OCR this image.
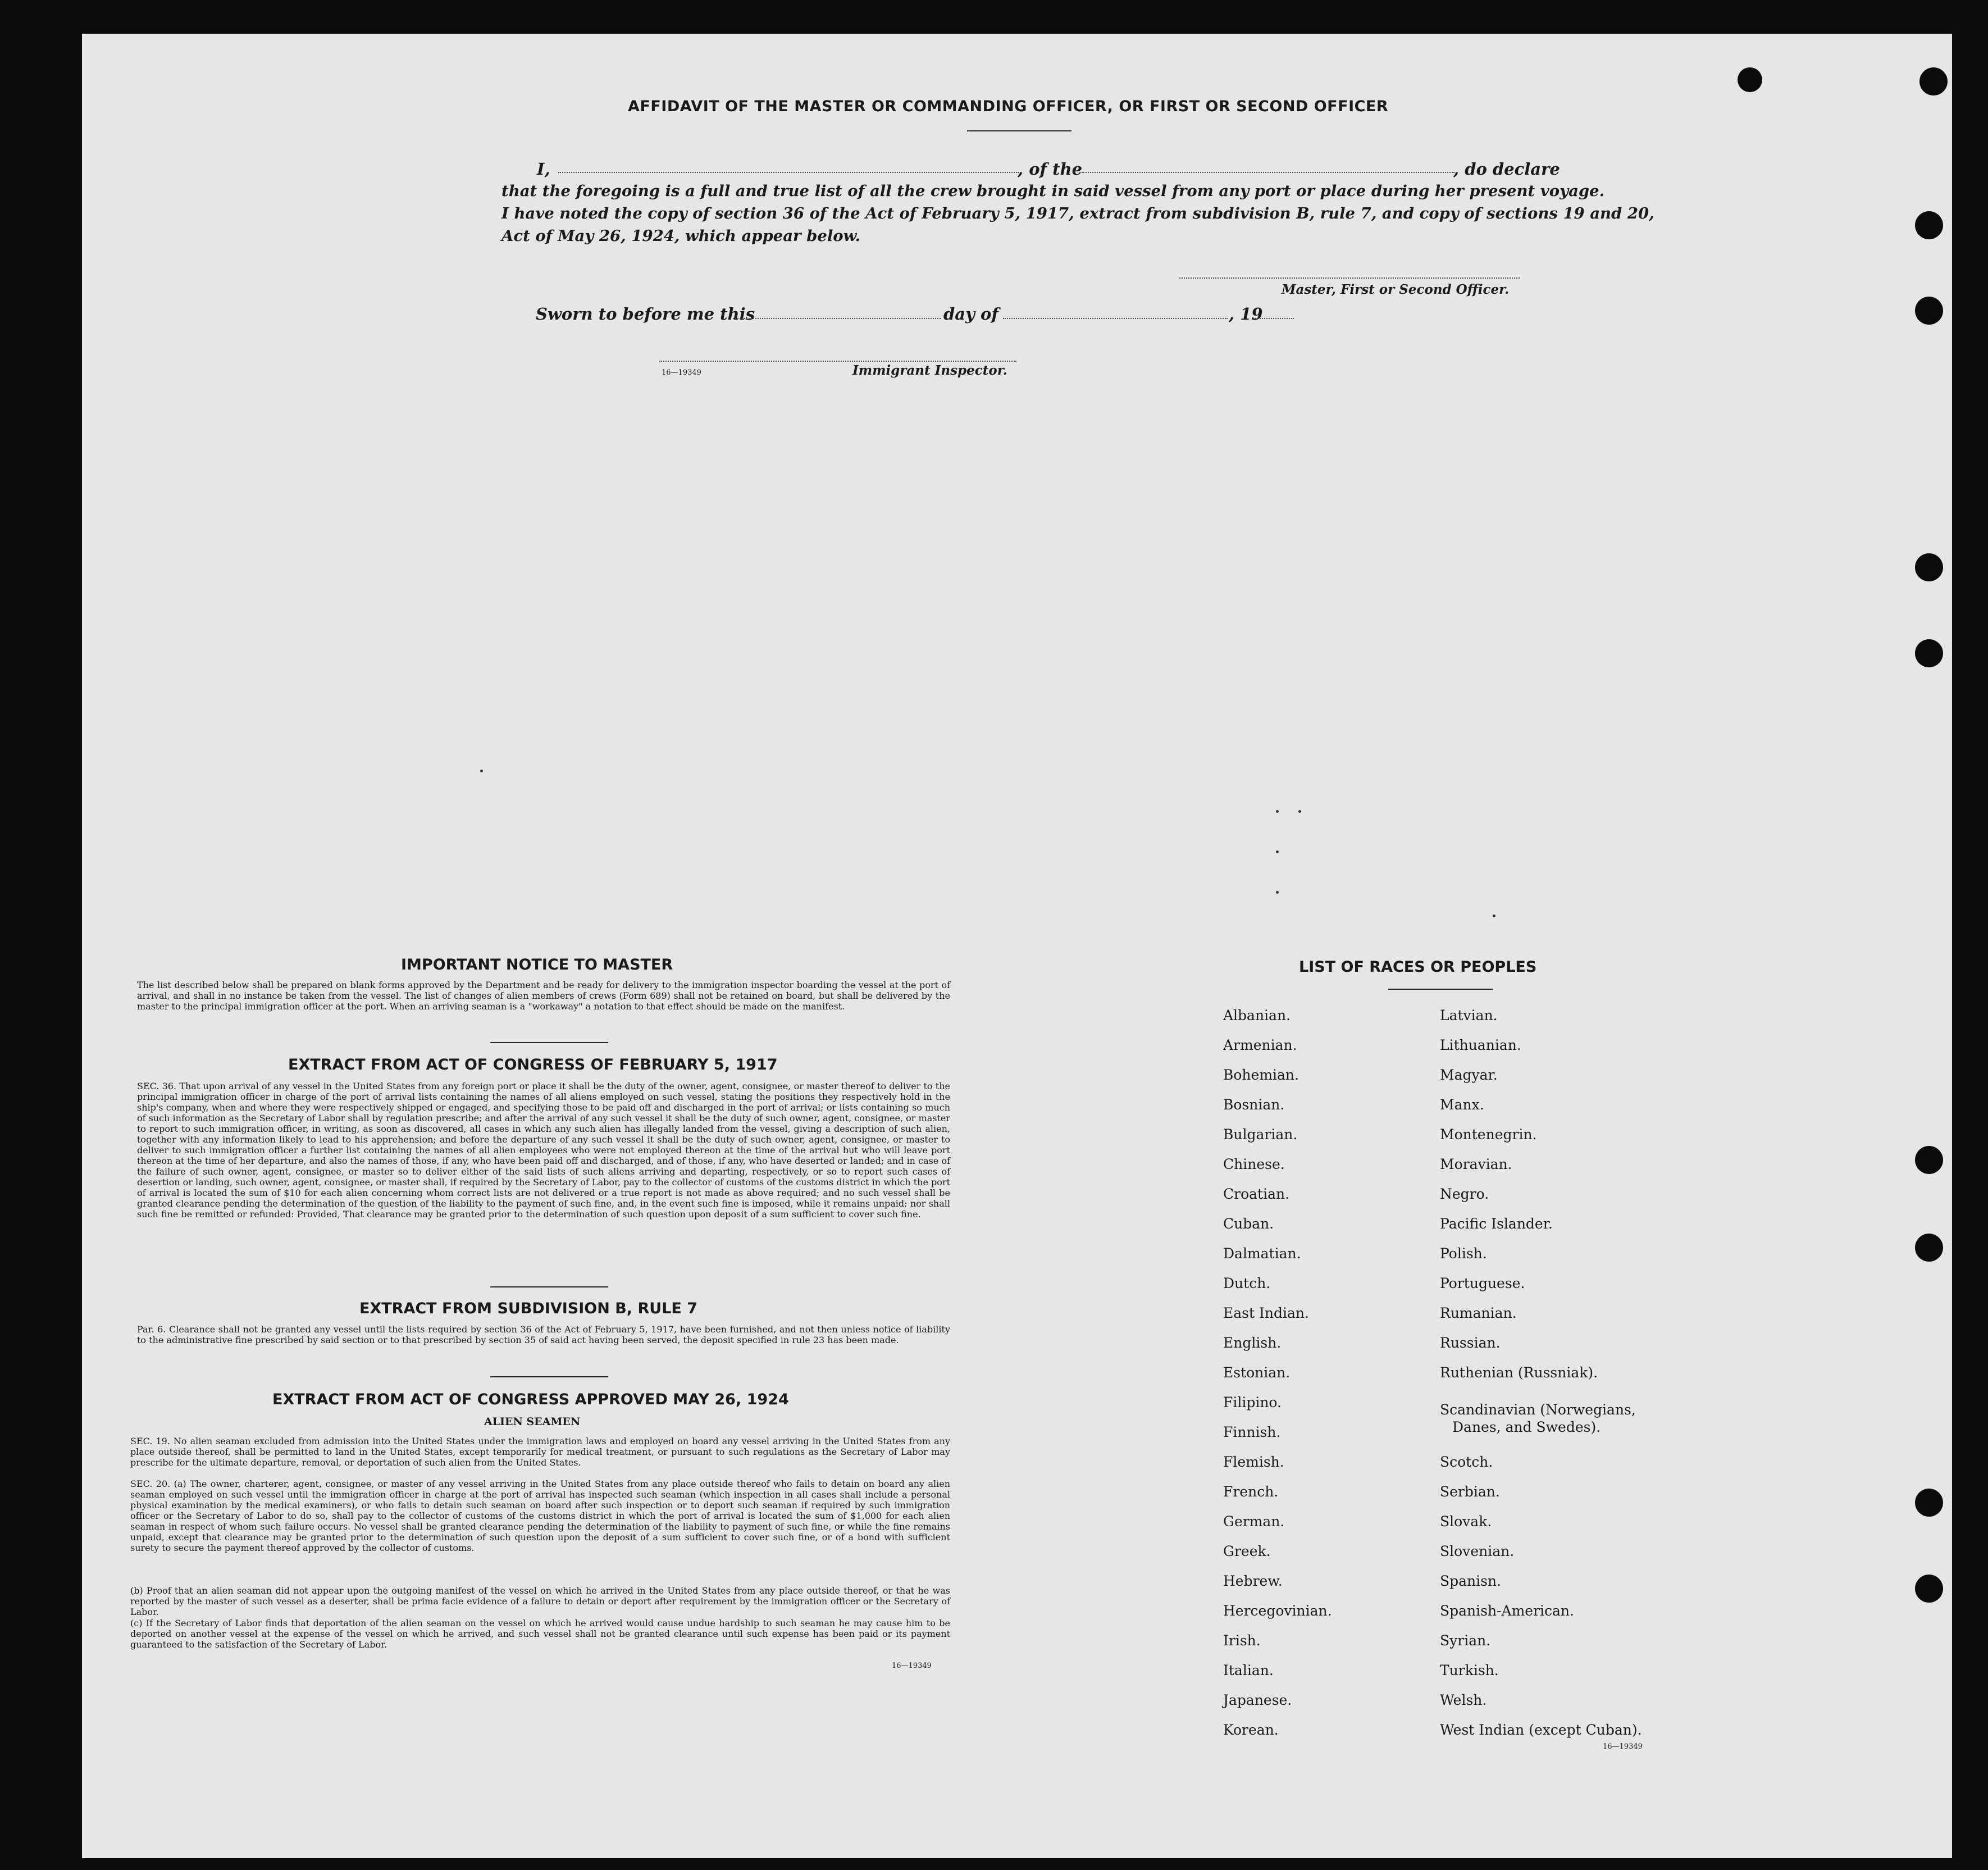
AFFIDAVIT OF THE MASTER OR COMMANDING OFFICER, OR FIRST OR SECOND OFFICER
I,	, of the	, do declare
that the foregoing is a full and true list of all the crew brought in said vessel from any port or place during her present voyage.
I have noted the copy of section 36 of the Act of February 5, 1917, extract from subdivision B, rule 7, and copy of sections 19 and 20,
Act of May 26, 1924, which appear below.
Master, First or Second Officer.
Sworn to before me this	day of	, 19
16—19349	Immigrant Inspector.
IMPORTANT NOTICE TO MASTER

The list described below shall be prepared on blank forms approved by the Department and be ready for delivery to the immigration inspector boarding the vessel at the port of arrival, and shall in no instance be taken from the vessel. The list of changes of alien members of crews (Form 689) shall not be retained on board, but shall be delivered by the master to the principal immigration officer at the port. When an arriving seaman is a "workaway" a notation to that effect should be made on the manifest.

EXTRACT FROM ACT OF CONGRESS OF FEBRUARY 5, 1917

SEC. 36. That upon arrival of any vessel in the United States from any foreign port or place it shall be the duty of the owner, agent, consignee, or master thereof to deliver to the principal immigration officer in charge of the port of arrival lists containing the names of all aliens employed on such vessel, stating the positions they respectively hold in the ship's company, when and where they were respectively shipped or engaged, and specifying those to be paid off and discharged in the port of arrival; or lists containing so much of such information as the Secretary of Labor shall by regulation prescribe; and after the arrival of any such vessel it shall be the duty of such owner, agent, consignee, or master to report to such immigration officer, in writing, as soon as discovered, all cases in which any such alien has illegally landed from the vessel, giving a description of such alien, together with any information likely to lead to his apprehension; and before the departure of any such vessel it shall be the duty of such owner, agent, consignee, or master to deliver to such immigration officer a further list containing the names of all alien employees who were not employed thereon at the time of the arrival but who will leave port thereon at the time of her departure, and also the names of those, if any, who have been paid off and discharged, and of those, if any, who have deserted or landed; and in case of the failure of such owner, agent, consignee, or master so to deliver either of the said lists of such aliens arriving and departing, respectively, or so to report such cases of desertion or landing, such owner, agent, consignee, or master shall, if required by the Secretary of Labor, pay to the collector of customs of the customs district in which the port of arrival is located the sum of $10 for each alien concerning whom correct lists are not delivered or a true report is not made as above required; and no such vessel shall be granted clearance pending the determination of the question of the liability to the payment of such fine, and, in the event such fine is imposed, while it remains unpaid; nor shall such fine be remitted or refunded: Provided, That clearance may be granted prior to the determination of such question upon deposit of a sum sufficient to cover such fine.

EXTRACT FROM SUBDIVISION B, RULE 7

Par. 6. Clearance shall not be granted any vessel until the lists required by section 36 of the Act of February 5, 1917, have been furnished, and not then unless notice of liability to the administrative fine prescribed by said section or to that prescribed by section 35 of said act having been served, the deposit specified in rule 23 has been made.

EXTRACT FROM ACT OF CONGRESS APPROVED MAY 26, 1924
ALIEN SEAMEN

SEC. 19. No alien seaman excluded from admission into the United States under the immigration laws and employed on board any vessel arriving in the United States from any place outside thereof, shall be permitted to land in the United States, except temporarily for medical treatment, or pursuant to such regulations as the Secretary of Labor may prescribe for the ultimate departure, removal, or deportation of such alien from the United States.

SEC. 20. (a) The owner, charterer, agent, consignee, or master of any vessel arriving in the United States from any place outside thereof who fails to detain on board any alien seaman employed on such vessel until the immigration officer in charge at the port of arrival has inspected such seaman (which inspection in all cases shall include a personal physical examination by the medical examiners), or who fails to detain such seaman on board after such inspection or to deport such seaman if required by such immigration officer or the Secretary of Labor to do so, shall pay to the collector of customs of the customs district in which the port of arrival is located the sum of $1,000 for each alien seaman in respect of whom such failure occurs. No vessel shall be granted clearance pending the determination of the liability to payment of such fine, or while the fine remains unpaid, except that clearance may be granted prior to the determination of such question upon the deposit of a sum sufficient to cover such fine, or of a bond with sufficient surety to secure the payment thereof approved by the collector of customs.

(b) Proof that an alien seaman did not appear upon the outgoing manifest of the vessel on which he arrived in the United States from any place outside thereof, or that he was reported by the master of such vessel as a deserter, shall be prima facie evidence of a failure to detain or deport after requirement by the immigration officer or the Secretary of Labor.

(c) If the Secretary of Labor finds that deportation of the alien seaman on the vessel on which he arrived would cause undue hardship to such seaman he may cause him to be deported on another vessel at the expense of the vessel on which he arrived, and such vessel shall not be granted clearance until such expense has been paid or its payment guaranteed to the satisfaction of the Secretary of Labor.

16—19349
LIST OF RACES OR PEOPLES
Albanian.
Armenian.
Bohemian.
Bosnian.
Bulgarian.
Chinese.
Croatian.
Cuban.
Dalmatian.
Dutch.
East Indian.
English.
Estonian.
Filipino.
Finnish.
Flemish.
French.
German.
Greek.
Hebrew.
Hercegovinian.
Irish.
Italian.
Japanese.
Korean.
Latvian.
Lithuanian.
Magyar.
Manx.
Montenegrin.
Moravian.
Negro.
Pacific Islander.
Polish.
Portuguese.
Rumanian.
Russian.
Ruthenian (Russniak).
Scandinavian (Norwegians,
Danes, and Swedes).
Scotch.
Serbian.
Slovak.
Slovenian.
Spanisn.
Spanish-American.
Syrian.
Turkish.
Welsh.
West Indian (except Cuban).
16—19349
